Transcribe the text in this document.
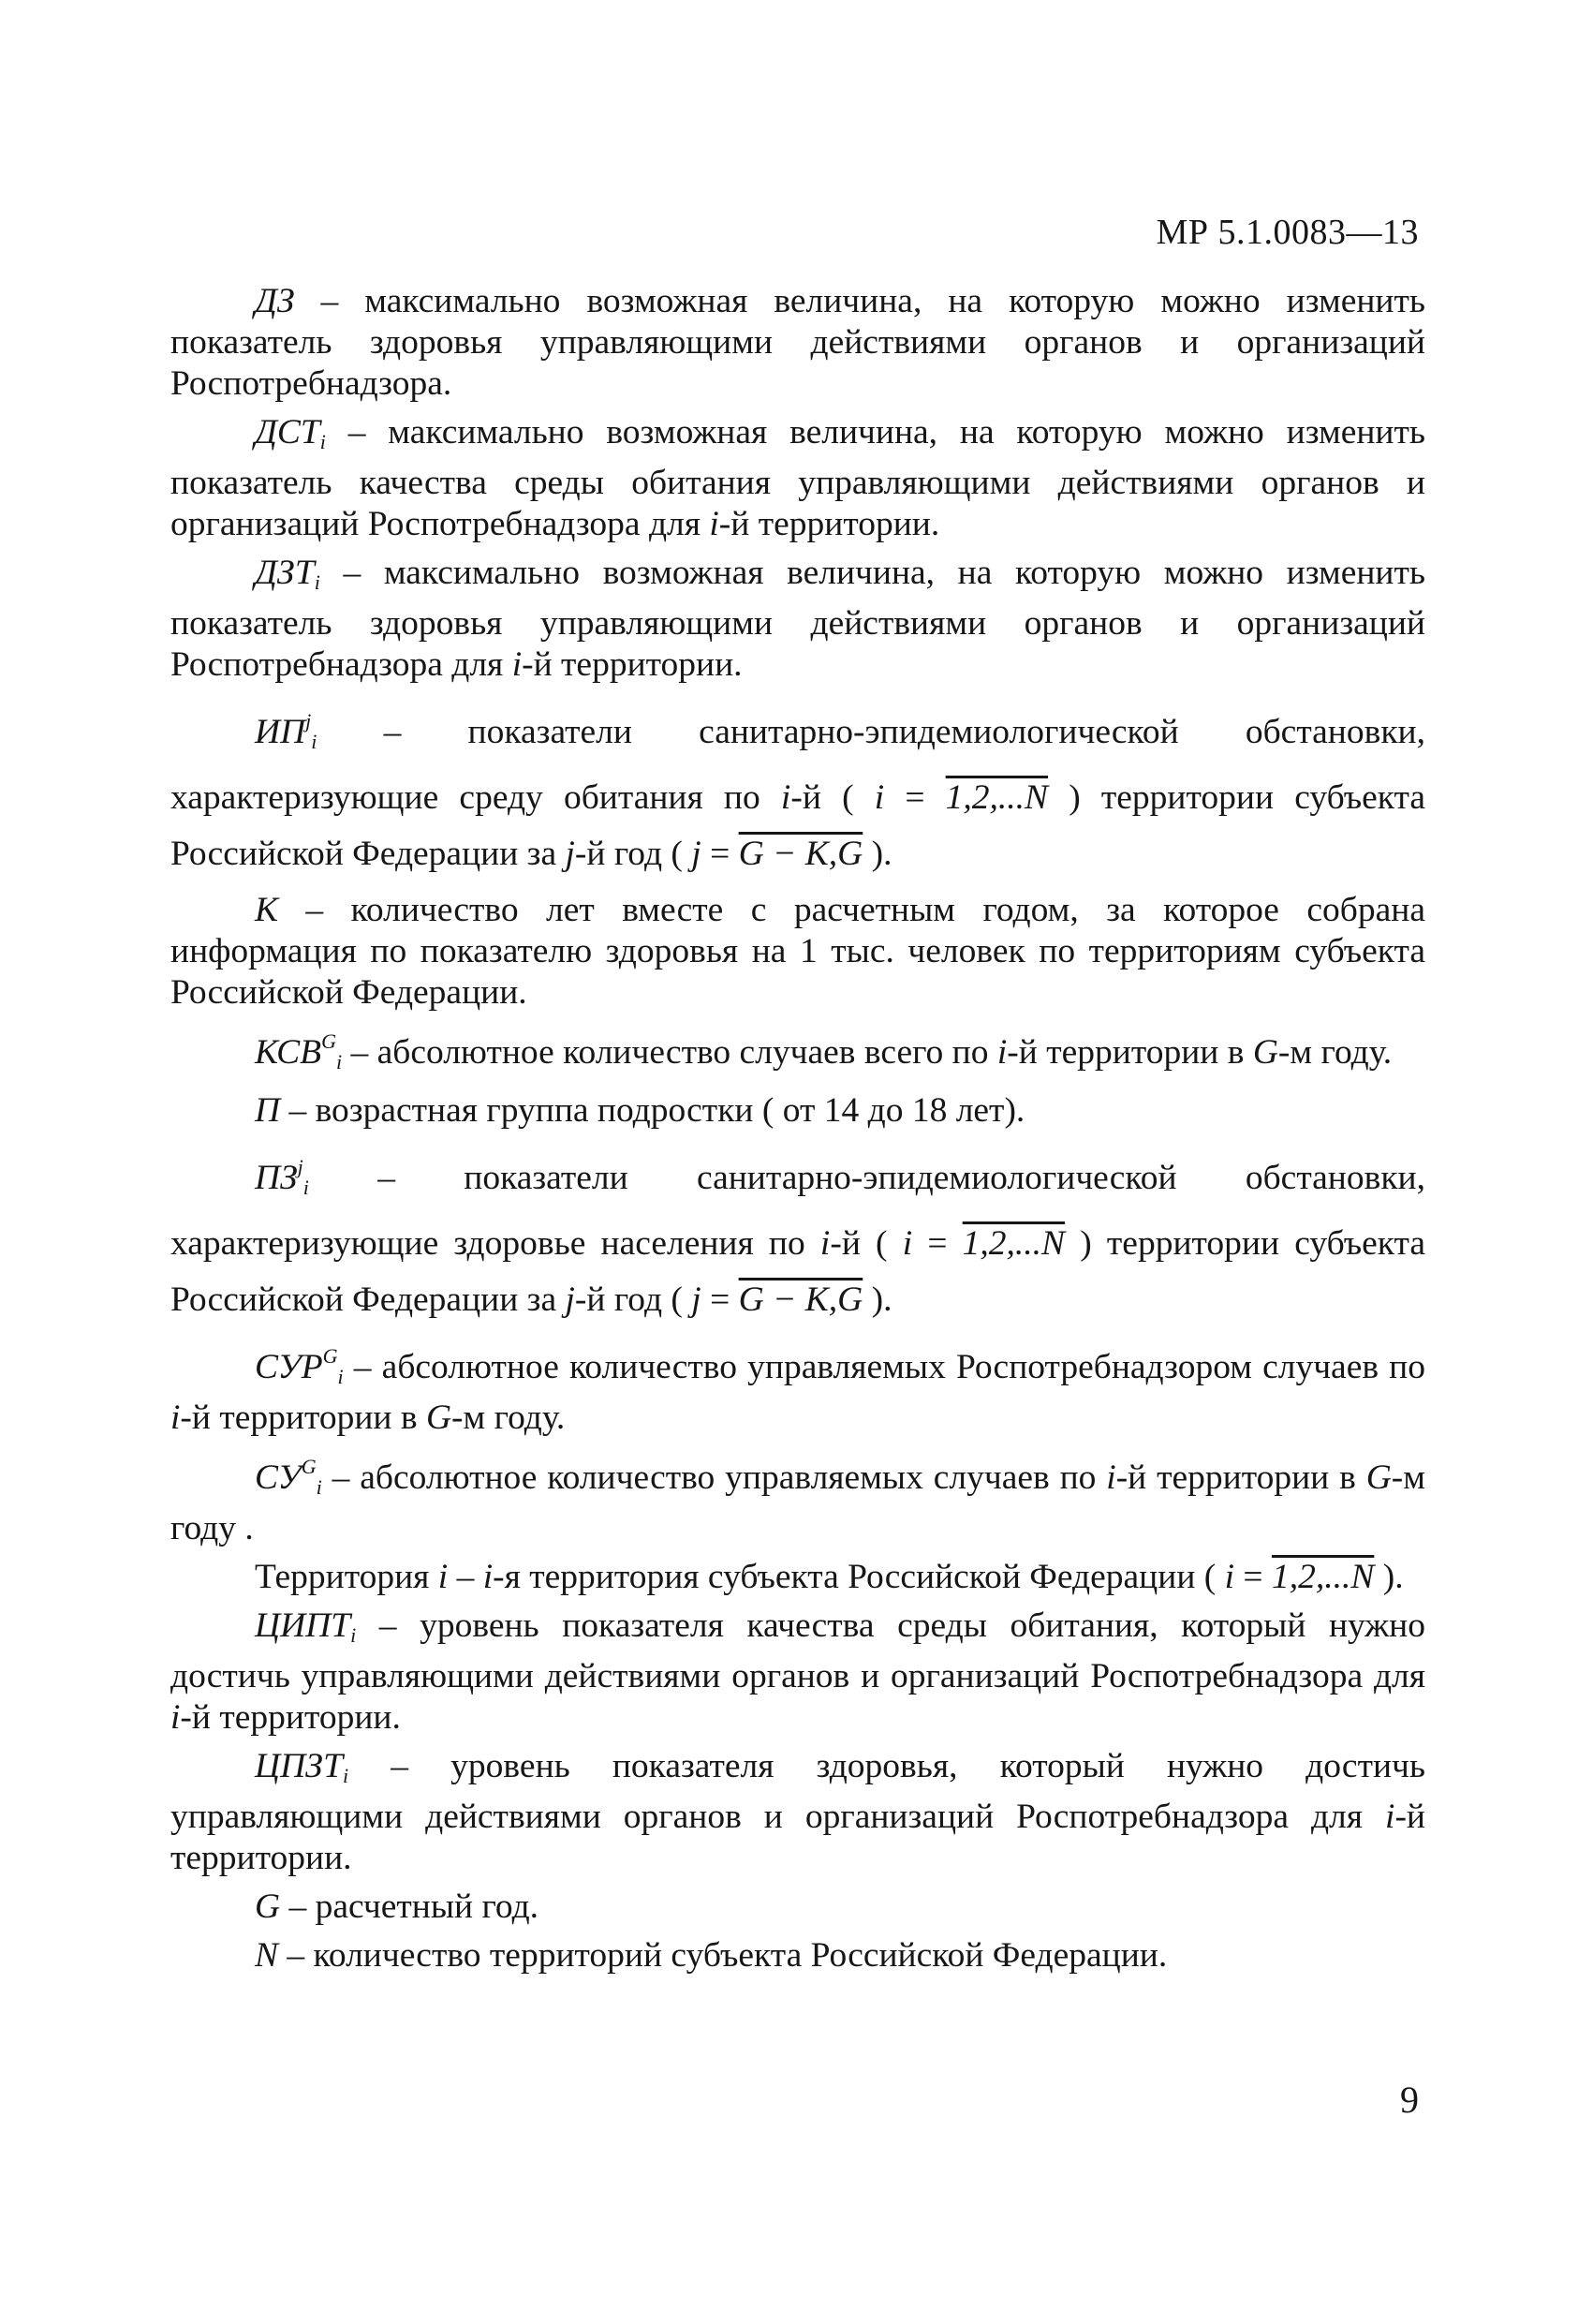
МР 5.1.0083—13

ДЗ – максимально возможная величина, на которую можно изменить показатель здоровья управляющими действиями органов и организаций Роспотребнадзора.

$ДСТ_i$ – максимально возможная величина, на которую можно изменить показатель качества среды обитания управляющими действиями органов и организаций Роспотребнадзора для i-й территории.

$ДЗТ_i$ – максимально возможная величина, на которую можно изменить показатель здоровья управляющими действиями органов и организаций Роспотребнадзора для i-й территории.

$ИП^j_i$ – показатели санитарно-эпидемиологической обстановки, характеризующие среду обитания по i-й ( i = 1,2,...N ) территории субъекта Российской Федерации за j-й год ( j = G − K,G ).

К – количество лет вместе с расчетным годом, за которое собрана информация по показателю здоровья на 1 тыс. человек по территориям субъекта Российской Федерации.

$КСВ^G_i$ – абсолютное количество случаев всего по i-й территории в G-м году.

П – возрастная группа подростки ( от 14 до 18 лет).

$ПЗ^j_i$ – показатели санитарно-эпидемиологической обстановки, характеризующие здоровье населения по i-й ( i = 1,2,...N ) территории субъекта Российской Федерации за j-й год ( j = G − K,G ).

$СУР^G_i$ – абсолютное количество управляемых Роспотребнадзором случаев по i-й территории в G-м году.

$СУ^G_i$ – абсолютное количество управляемых случаев по i-й территории в G-м году .

Территория i – i-я территория субъекта Российской Федерации ( i = 1,2,...N ).

$ЦИПТ_i$ – уровень показателя качества среды обитания, который нужно достичь управляющими действиями органов и организаций Роспотребнадзора для i-й территории.

$ЦПЗТ_i$ – уровень показателя здоровья, который нужно достичь управляющими действиями органов и организаций Роспотребнадзора для i-й территории.

G – расчетный год.

N – количество территорий субъекта Российской Федерации.

9
